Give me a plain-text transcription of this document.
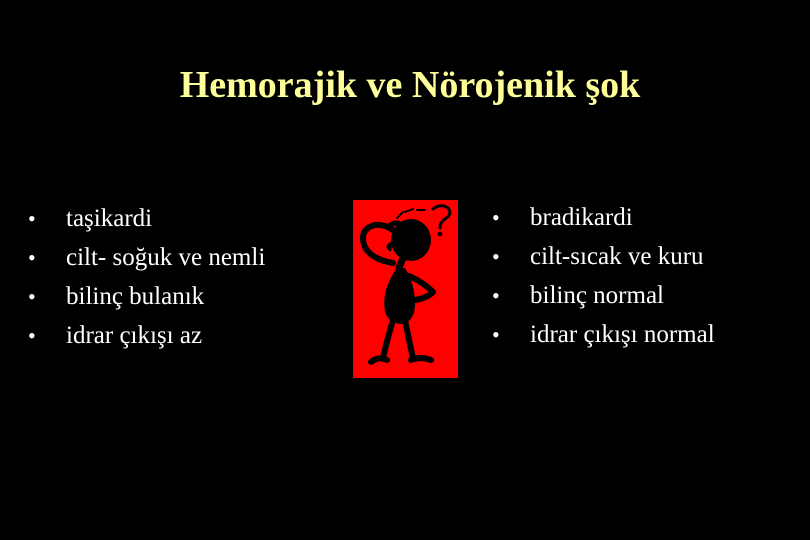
Hemorajik ve Nörojenik şok
• taşikardi
• cilt- soğuk ve nemli
• bilinç bulanık
• idrar çıkışı az
• bradikardi
• cilt-sıcak ve kuru
• bilinç normal
• idrar çıkışı normal
